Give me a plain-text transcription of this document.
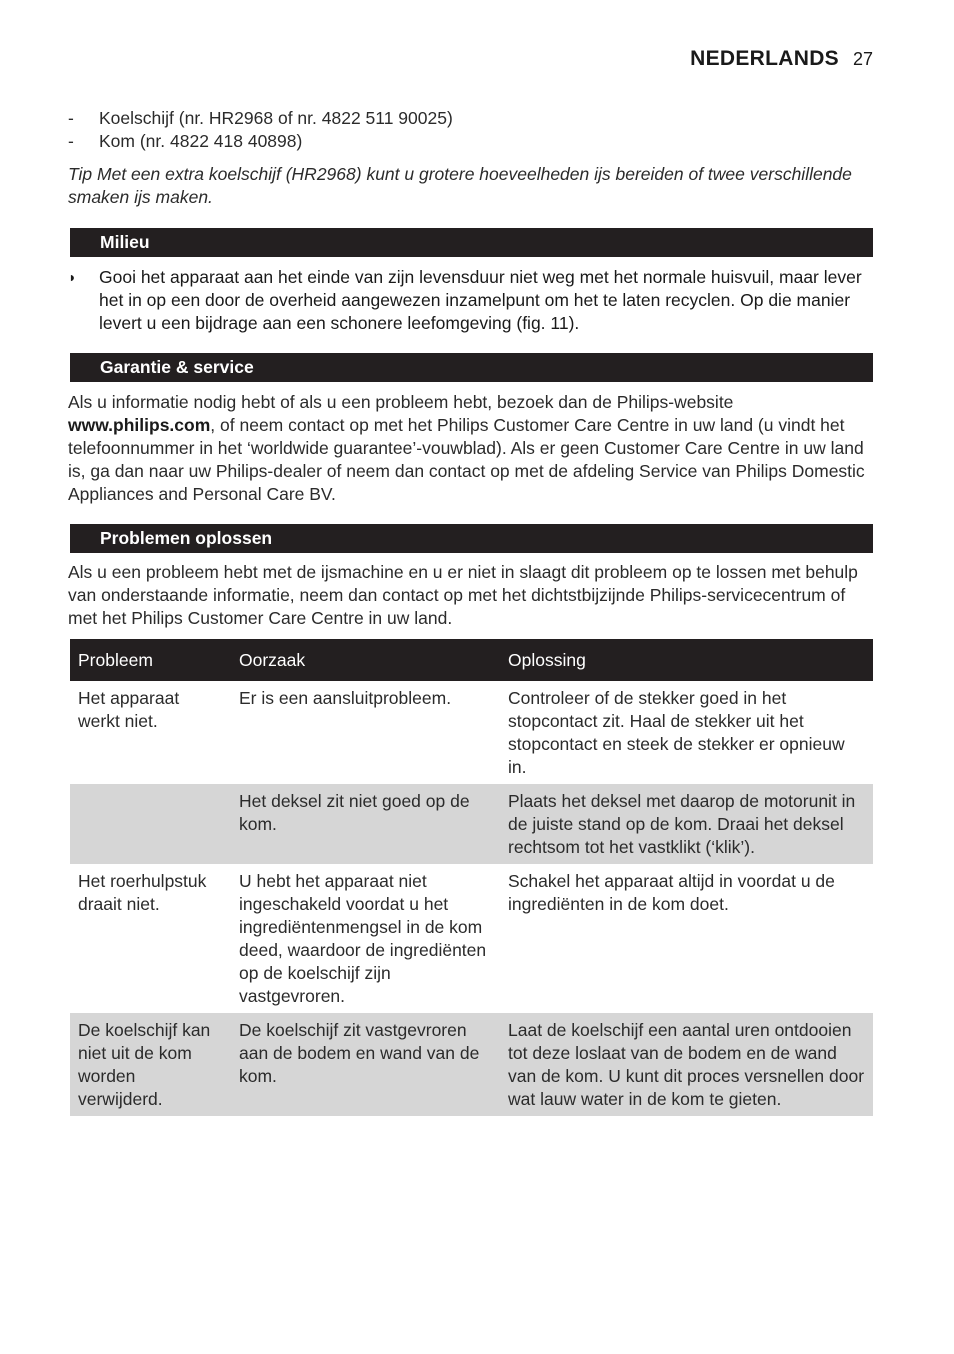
NEDERLANDS 27
- Koelschijf (nr. HR2968 of nr. 4822 511 90025)
- Kom (nr. 4822 418 40898)
Tip Met een extra koelschijf (HR2968) kunt u grotere hoeveelheden ijs bereiden of twee verschillende smaken ijs maken.
Milieu
◗	Gooi het apparaat aan het einde van zijn levensduur niet weg met het normale huisvuil, maar lever het in op een door de overheid aangewezen inzamelpunt om het te laten recyclen. Op die manier levert u een bijdrage aan een schonere leefomgeving (fig. 11).
Garantie & service
Als u informatie nodig hebt of als u een probleem hebt, bezoek dan de Philips-website www.philips.com, of neem contact op met het Philips Customer Care Centre in uw land (u vindt het telefoonnummer in het ‘worldwide guarantee’-vouwblad). Als er geen Customer Care Centre in uw land is, ga dan naar uw Philips-dealer of neem dan contact op met de afdeling Service van Philips Domestic Appliances and Personal Care BV.
Problemen oplossen
Als u een probleem hebt met de ijsmachine en u er niet in slaagt dit probleem op te lossen met behulp van onderstaande informatie, neem dan contact op met het dichtstbijzijnde Philips-servicecentrum of met het Philips Customer Care Centre in uw land.
Probleem	Oorzaak	Oplossing
Het apparaat werkt niet.	Er is een aansluitprobleem.	Controleer of de stekker goed in het stopcontact zit. Haal de stekker uit het stopcontact en steek de stekker er opnieuw in.
	Het deksel zit niet goed op de kom.	Plaats het deksel met daarop de motorunit in de juiste stand op de kom. Draai het deksel rechtsom tot het vastklikt (‘klik’).
Het roerhulpstuk draait niet.	U hebt het apparaat niet ingeschakeld voordat u het ingrediëntenmengsel in de kom deed, waardoor de ingrediënten op de koelschijf zijn vastgevroren.	Schakel het apparaat altijd in voordat u de ingrediënten in de kom doet.
De koelschijf kan niet uit de kom worden verwijderd.	De koelschijf zit vastgevroren aan de bodem en wand van de kom.	Laat de koelschijf een aantal uren ontdooien tot deze loslaat van de bodem en de wand van de kom. U kunt dit proces versnellen door wat lauw water in de kom te gieten.
